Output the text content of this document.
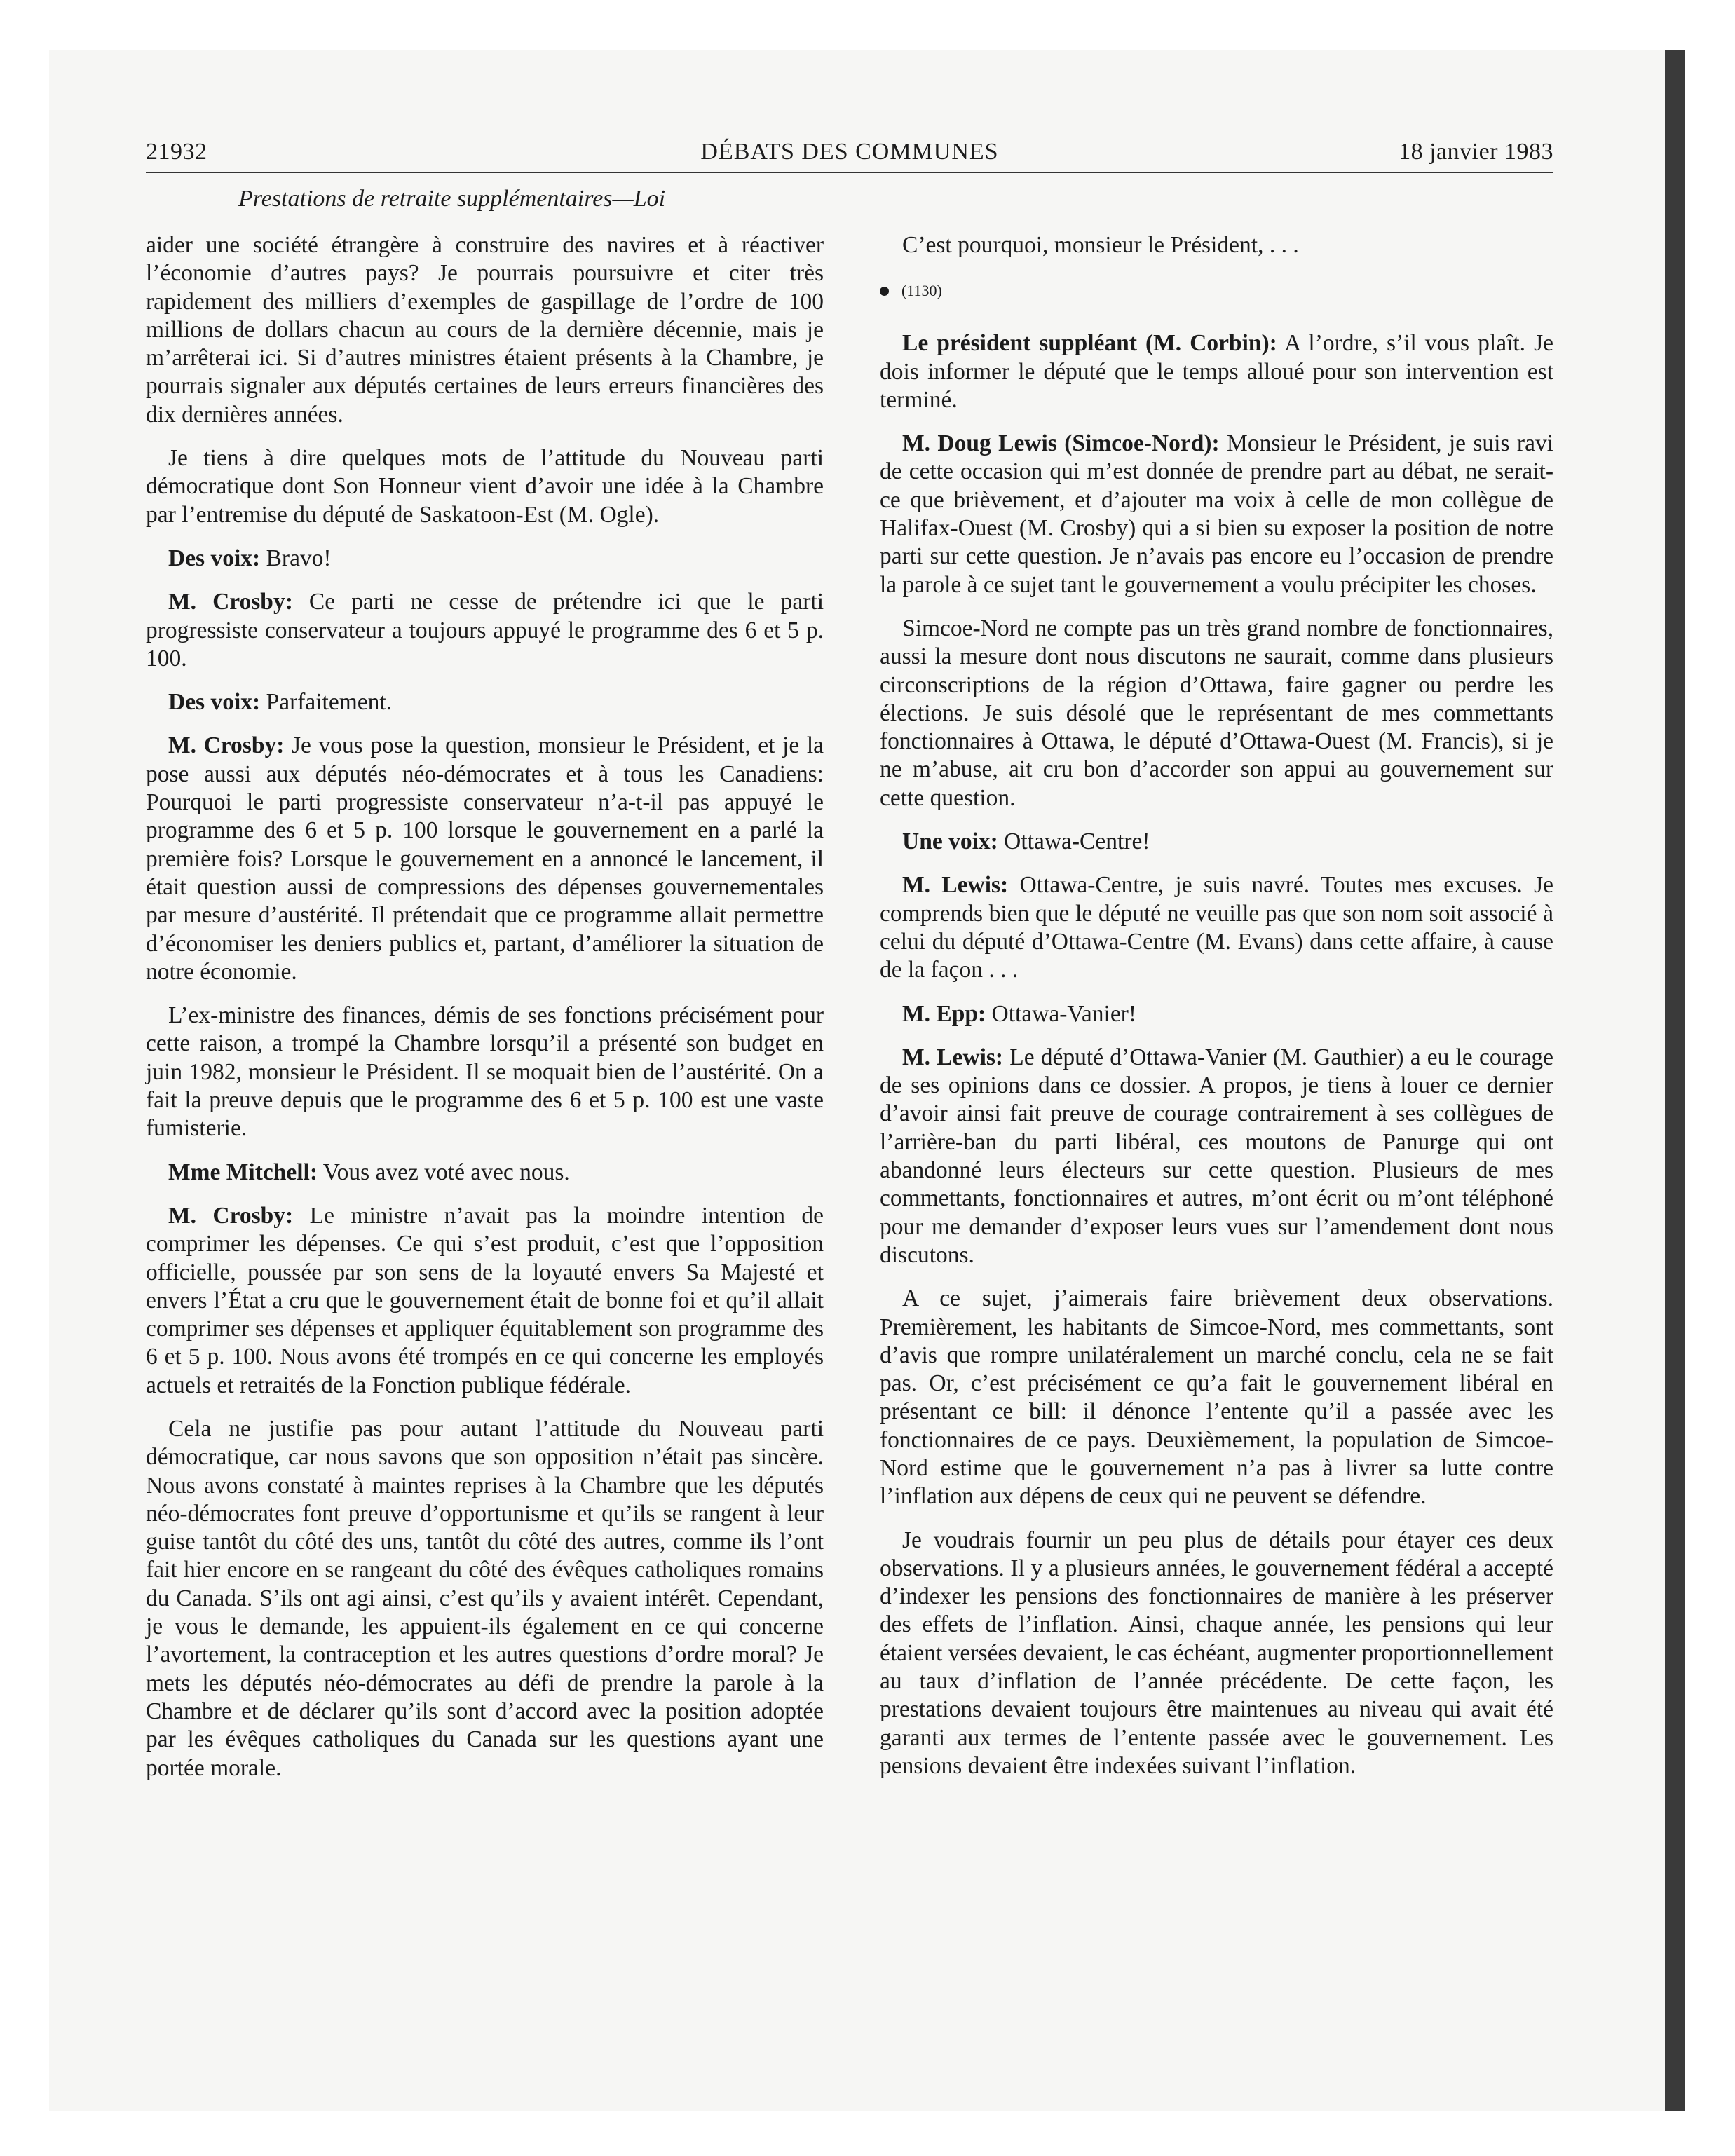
21932	DÉBATS DES COMMUNES	18 janvier 1983
Prestations de retraite supplémentaires—Loi

aider une société étrangère à construire des navires et à réactiver l’économie d’autres pays? Je pourrais poursuivre et citer très rapidement des milliers d’exemples de gaspillage de l’ordre de 100 millions de dollars chacun au cours de la dernière décennie, mais je m’arrêterai ici. Si d’autres ministres étaient présents à la Chambre, je pourrais signaler aux députés certaines de leurs erreurs financières des dix dernières années.

Je tiens à dire quelques mots de l’attitude du Nouveau parti démocratique dont Son Honneur vient d’avoir une idée à la Chambre par l’entremise du député de Saskatoon-Est (M. Ogle).

Des voix: Bravo!

M. Crosby: Ce parti ne cesse de prétendre ici que le parti progressiste conservateur a toujours appuyé le programme des 6 et 5 p. 100.

Des voix: Parfaitement.

M. Crosby: Je vous pose la question, monsieur le Président, et je la pose aussi aux députés néo-démocrates et à tous les Canadiens: Pourquoi le parti progressiste conservateur n’a-t-il pas appuyé le programme des 6 et 5 p. 100 lorsque le gouvernement en a parlé la première fois? Lorsque le gouvernement en a annoncé le lancement, il était question aussi de compressions des dépenses gouvernementales par mesure d’austérité. Il prétendait que ce programme allait permettre d’économiser les deniers publics et, partant, d’améliorer la situation de notre économie.

L’ex-ministre des finances, démis de ses fonctions précisément pour cette raison, a trompé la Chambre lorsqu’il a présenté son budget en juin 1982, monsieur le Président. Il se moquait bien de l’austérité. On a fait la preuve depuis que le programme des 6 et 5 p. 100 est une vaste fumisterie.

Mme Mitchell: Vous avez voté avec nous.

M. Crosby: Le ministre n’avait pas la moindre intention de comprimer les dépenses. Ce qui s’est produit, c’est que l’opposition officielle, poussée par son sens de la loyauté envers Sa Majesté et envers l’État a cru que le gouvernement était de bonne foi et qu’il allait comprimer ses dépenses et appliquer équitablement son programme des 6 et 5 p. 100. Nous avons été trompés en ce qui concerne les employés actuels et retraités de la Fonction publique fédérale.

Cela ne justifie pas pour autant l’attitude du Nouveau parti démocratique, car nous savons que son opposition n’était pas sincère. Nous avons constaté à maintes reprises à la Chambre que les députés néo-démocrates font preuve d’opportunisme et qu’ils se rangent à leur guise tantôt du côté des uns, tantôt du côté des autres, comme ils l’ont fait hier encore en se rangeant du côté des évêques catholiques romains du Canada. S’ils ont agi ainsi, c’est qu’ils y avaient intérêt. Cependant, je vous le demande, les appuient-ils également en ce qui concerne l’avortement, la contraception et les autres questions d’ordre moral? Je mets les députés néo-démocrates au défi de prendre la parole à la Chambre et de déclarer qu’ils sont d’accord avec la position adoptée par les évêques catholiques du Canada sur les questions ayant une portée morale.

C’est pourquoi, monsieur le Président, . . .

(1130)

Le président suppléant (M. Corbin): A l’ordre, s’il vous plaît. Je dois informer le député que le temps alloué pour son intervention est terminé.

M. Doug Lewis (Simcoe-Nord): Monsieur le Président, je suis ravi de cette occasion qui m’est donnée de prendre part au débat, ne serait-ce que brièvement, et d’ajouter ma voix à celle de mon collègue de Halifax-Ouest (M. Crosby) qui a si bien su exposer la position de notre parti sur cette question. Je n’avais pas encore eu l’occasion de prendre la parole à ce sujet tant le gouvernement a voulu précipiter les choses.

Simcoe-Nord ne compte pas un très grand nombre de fonctionnaires, aussi la mesure dont nous discutons ne saurait, comme dans plusieurs circonscriptions de la région d’Ottawa, faire gagner ou perdre les élections. Je suis désolé que le représentant de mes commettants fonctionnaires à Ottawa, le député d’Ottawa-Ouest (M. Francis), si je ne m’abuse, ait cru bon d’accorder son appui au gouvernement sur cette question.

Une voix: Ottawa-Centre!

M. Lewis: Ottawa-Centre, je suis navré. Toutes mes excuses. Je comprends bien que le député ne veuille pas que son nom soit associé à celui du député d’Ottawa-Centre (M. Evans) dans cette affaire, à cause de la façon . . .

M. Epp: Ottawa-Vanier!

M. Lewis: Le député d’Ottawa-Vanier (M. Gauthier) a eu le courage de ses opinions dans ce dossier. A propos, je tiens à louer ce dernier d’avoir ainsi fait preuve de courage contrairement à ses collègues de l’arrière-ban du parti libéral, ces moutons de Panurge qui ont abandonné leurs électeurs sur cette question. Plusieurs de mes commettants, fonctionnaires et autres, m’ont écrit ou m’ont téléphoné pour me demander d’exposer leurs vues sur l’amendement dont nous discutons.

A ce sujet, j’aimerais faire brièvement deux observations. Premièrement, les habitants de Simcoe-Nord, mes commettants, sont d’avis que rompre unilatéralement un marché conclu, cela ne se fait pas. Or, c’est précisément ce qu’a fait le gouvernement libéral en présentant ce bill: il dénonce l’entente qu’il a passée avec les fonctionnaires de ce pays. Deuxièmement, la population de Simcoe-Nord estime que le gouvernement n’a pas à livrer sa lutte contre l’inflation aux dépens de ceux qui ne peuvent se défendre.

Je voudrais fournir un peu plus de détails pour étayer ces deux observations. Il y a plusieurs années, le gouvernement fédéral a accepté d’indexer les pensions des fonctionnaires de manière à les préserver des effets de l’inflation. Ainsi, chaque année, les pensions qui leur étaient versées devaient, le cas échéant, augmenter proportionnellement au taux d’inflation de l’année précédente. De cette façon, les prestations devaient toujours être maintenues au niveau qui avait été garanti aux termes de l’entente passée avec le gouvernement. Les pensions devaient être indexées suivant l’inflation.
